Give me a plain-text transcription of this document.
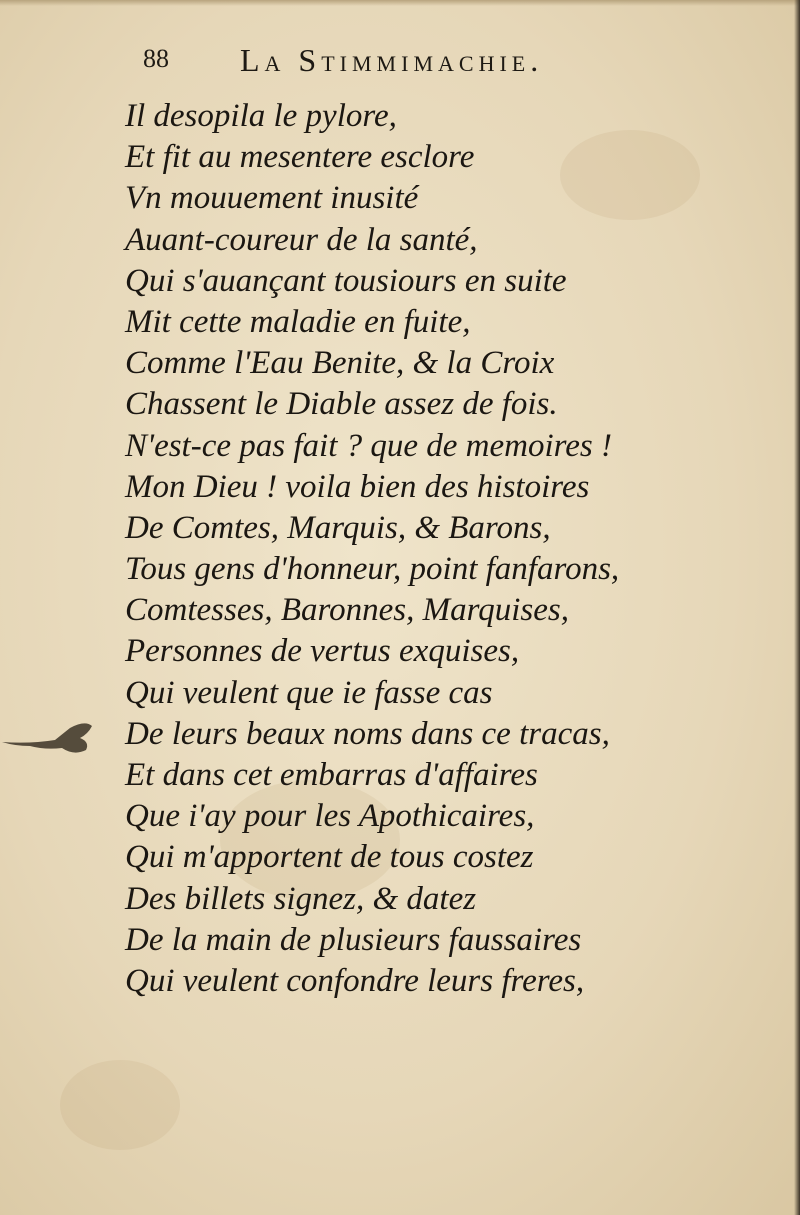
88 La Stimmimachie.
Il desopila le pylore,
Et fit au mesentere esclore
Vn mouuement inusité
Auant-coureur de la santé,
Qui s'auançant tousiours en suite
Mit cette maladie en fuite,
Comme l'Eau Benite, & la Croix
Chassent le Diable assez de fois.
N'est-ce pas fait ? que de memoires !
Mon Dieu ! voila bien des histoires
De Comtes, Marquis, & Barons,
Tous gens d'honneur, point fanfarons,
Comtesses, Baronnes, Marquises,
Personnes de vertus exquises,
Qui veulent que ie fasse cas
De leurs beaux noms dans ce tracas,
Et dans cet embarras d'affaires
Que i'ay pour les Apothicaires,
Qui m'apportent de tous costez
Des billets signez, & datez
De la main de plusieurs faussaires
Qui veulent confondre leurs freres,
